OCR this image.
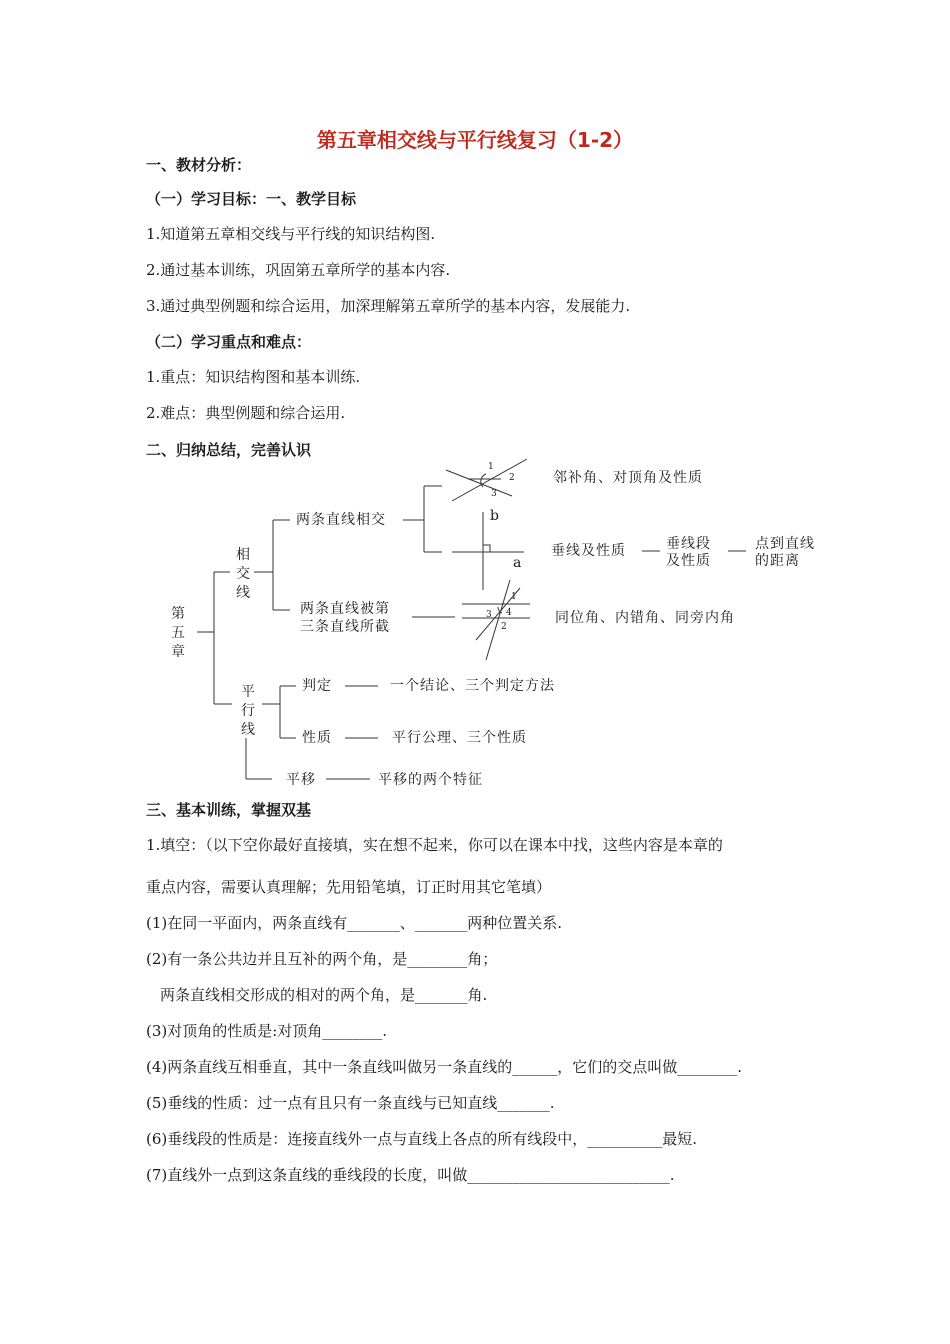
第五章相交线与平行线复习（1-2）
一、教材分析：
（一）学习目标：一、教学目标
1.知道第五章相交线与平行线的知识结构图.
2.通过基本训练，巩固第五章所学的基本内容.
3.通过典型例题和综合运用，加深理解第五章所学的基本内容，发展能力.
（二）学习重点和难点：
1.重点：知识结构图和基本训练.
2.难点：典型例题和综合运用.
二、归纳总结，完善认识
第五章
相交线
平行线
两条直线相交
两条直线被第
三条直线所截
邻补角、对顶角及性质
垂线及性质	垂线段
及性质
点到直线
的距离
同位角、内错角、同旁内角
判定	一个结论、三个判定方法
性质	平行公理、三个性质
平移	平移的两个特征
b
a
1
2
3
1
3 4
2
三、基本训练，掌握双基
1.填空：（以下空你最好直接填，实在想不起来，你可以在课本中找，这些内容是本章的
重点内容，需要认真理解；先用铅笔填，订正时用其它笔填）
(1)在同一平面内，两条直线有_______、_______两种位置关系.
(2)有一条公共边并且互补的两个角，是________角；
两条直线相交形成的相对的两个角，是_______角.
(3)对顶角的性质是:对顶角________.
(4)两条直线互相垂直，其中一条直线叫做另一条直线的______，它们的交点叫做________.
(5)垂线的性质：过一点有且只有一条直线与已知直线_______.
(6)垂线段的性质是：连接直线外一点与直线上各点的所有线段中，__________最短.
(7)直线外一点到这条直线的垂线段的长度，叫做___________________________.
